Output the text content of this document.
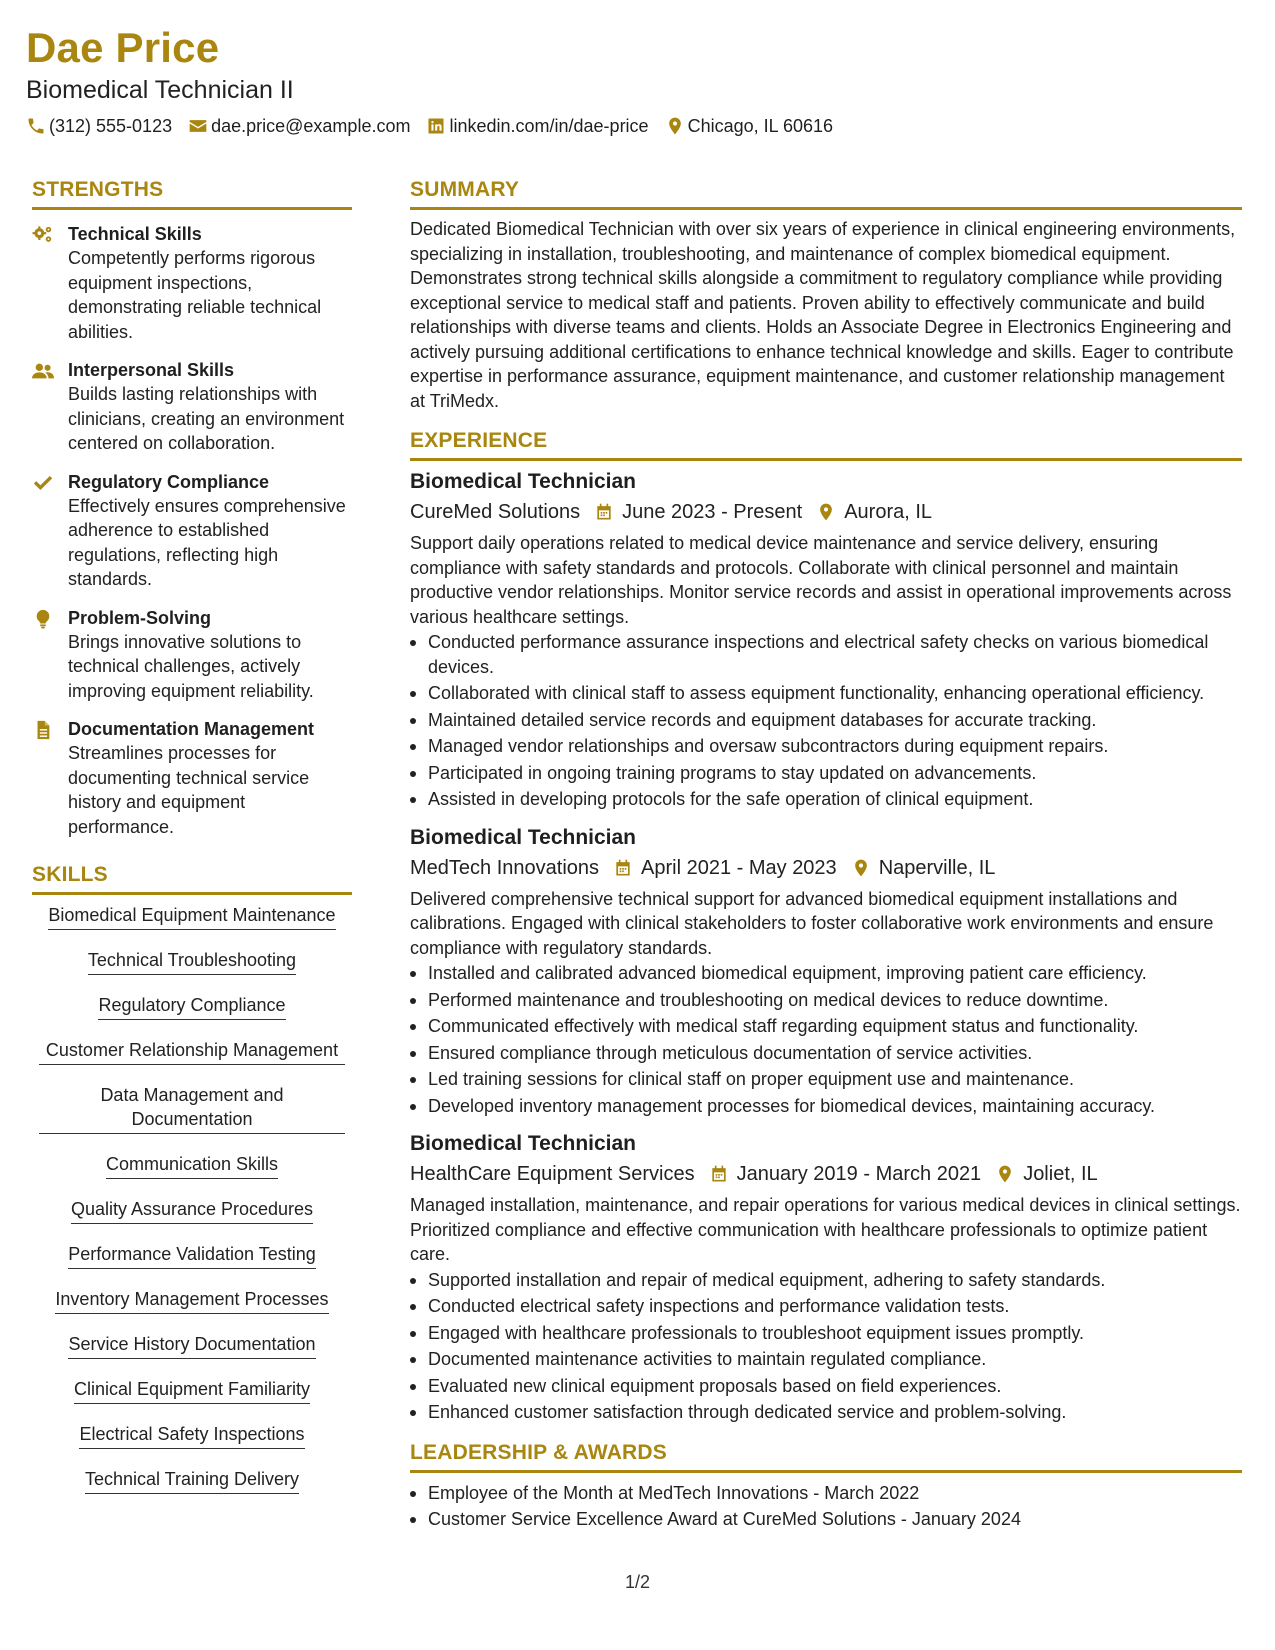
Dae Price
Biomedical Technician II
(312) 555-0123 dae.price@example.com linkedin.com/in/dae-price Chicago, IL 60616
STRENGTHS
Technical Skills
Competently performs rigorous equipment inspections, demonstrating reliable technical abilities.
Interpersonal Skills
Builds lasting relationships with clinicians, creating an environment centered on collaboration.
Regulatory Compliance
Effectively ensures comprehensive adherence to established regulations, reflecting high standards.
Problem-Solving
Brings innovative solutions to technical challenges, actively improving equipment reliability.
Documentation Management
Streamlines processes for documenting technical service history and equipment performance.
SKILLS
Biomedical Equipment Maintenance
Technical Troubleshooting
Regulatory Compliance
Customer Relationship Management
Data Management and Documentation
Communication Skills
Quality Assurance Procedures
Performance Validation Testing
Inventory Management Processes
Service History Documentation
Clinical Equipment Familiarity
Electrical Safety Inspections
Technical Training Delivery
SUMMARY
Dedicated Biomedical Technician with over six years of experience in clinical engineering environments, specializing in installation, troubleshooting, and maintenance of complex biomedical equipment. Demonstrates strong technical skills alongside a commitment to regulatory compliance while providing exceptional service to medical staff and patients. Proven ability to effectively communicate and build relationships with diverse teams and clients. Holds an Associate Degree in Electronics Engineering and actively pursuing additional certifications to enhance technical knowledge and skills. Eager to contribute expertise in performance assurance, equipment maintenance, and customer relationship management at TriMedx.
EXPERIENCE
Biomedical Technician
CureMed Solutions June 2023 - Present Aurora, IL
Support daily operations related to medical device maintenance and service delivery, ensuring compliance with safety standards and protocols. Collaborate with clinical personnel and maintain productive vendor relationships. Monitor service records and assist in operational improvements across various healthcare settings.
Conducted performance assurance inspections and electrical safety checks on various biomedical devices.
Collaborated with clinical staff to assess equipment functionality, enhancing operational efficiency.
Maintained detailed service records and equipment databases for accurate tracking.
Managed vendor relationships and oversaw subcontractors during equipment repairs.
Participated in ongoing training programs to stay updated on advancements.
Assisted in developing protocols for the safe operation of clinical equipment.
Biomedical Technician
MedTech Innovations April 2021 - May 2023 Naperville, IL
Delivered comprehensive technical support for advanced biomedical equipment installations and calibrations. Engaged with clinical stakeholders to foster collaborative work environments and ensure compliance with regulatory standards.
Installed and calibrated advanced biomedical equipment, improving patient care efficiency.
Performed maintenance and troubleshooting on medical devices to reduce downtime.
Communicated effectively with medical staff regarding equipment status and functionality.
Ensured compliance through meticulous documentation of service activities.
Led training sessions for clinical staff on proper equipment use and maintenance.
Developed inventory management processes for biomedical devices, maintaining accuracy.
Biomedical Technician
HealthCare Equipment Services January 2019 - March 2021 Joliet, IL
Managed installation, maintenance, and repair operations for various medical devices in clinical settings. Prioritized compliance and effective communication with healthcare professionals to optimize patient care.
Supported installation and repair of medical equipment, adhering to safety standards.
Conducted electrical safety inspections and performance validation tests.
Engaged with healthcare professionals to troubleshoot equipment issues promptly.
Documented maintenance activities to maintain regulated compliance.
Evaluated new clinical equipment proposals based on field experiences.
Enhanced customer satisfaction through dedicated service and problem-solving.
LEADERSHIP & AWARDS
Employee of the Month at MedTech Innovations - March 2022
Customer Service Excellence Award at CureMed Solutions - January 2024
1/2
